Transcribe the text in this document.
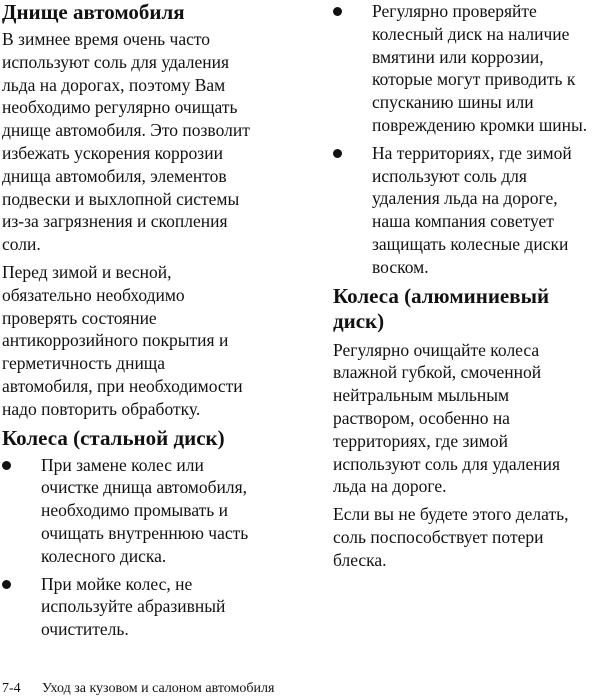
Днище автомобиля

В зимнее время очень часто
используют соль для удаления
льда на дорогах, поэтому Вам
необходимо регулярно очищать
днище автомобиля. Это позволит
избежать ускорения коррозии
днища автомобиля, элементов
подвески и выхлопной системы
из-за загрязнения и скопления
соли.

Перед зимой и весной,
обязательно необходимо
проверять состояние
антикоррозийного покрытия и
герметичность днища
автомобиля, при необходимости
надо повторить обработку.

Колеса (стальной диск)
При замене колес или
очистке днища автомобиля,
необходимо промывать и
очищать внутреннюю часть
колесного диска.
При мойке колес, не
используйте абразивный
очиститель.
Регулярно проверяйте
колесный диск на наличие
вмятини или коррозии,
которые могут приводить к
спусканию шины или
повреждению кромки шины.
На территориях, где зимой
используют соль для
удаления льда на дороге,
наша компания советует
защищать колесные диски
воском.
Колеса (алюминиевый
диск)

Регулярно очищайте колеса
влажной губкой, смоченной
нейтральным мыльным
раствором, особенно на
территориях, где зимой
используют соль для удаления
льда на дороге.

Если вы не будете этого делать,
соль поспособствует потери
блеска.

7-4 Уход за кузовом и салоном автомобиля
